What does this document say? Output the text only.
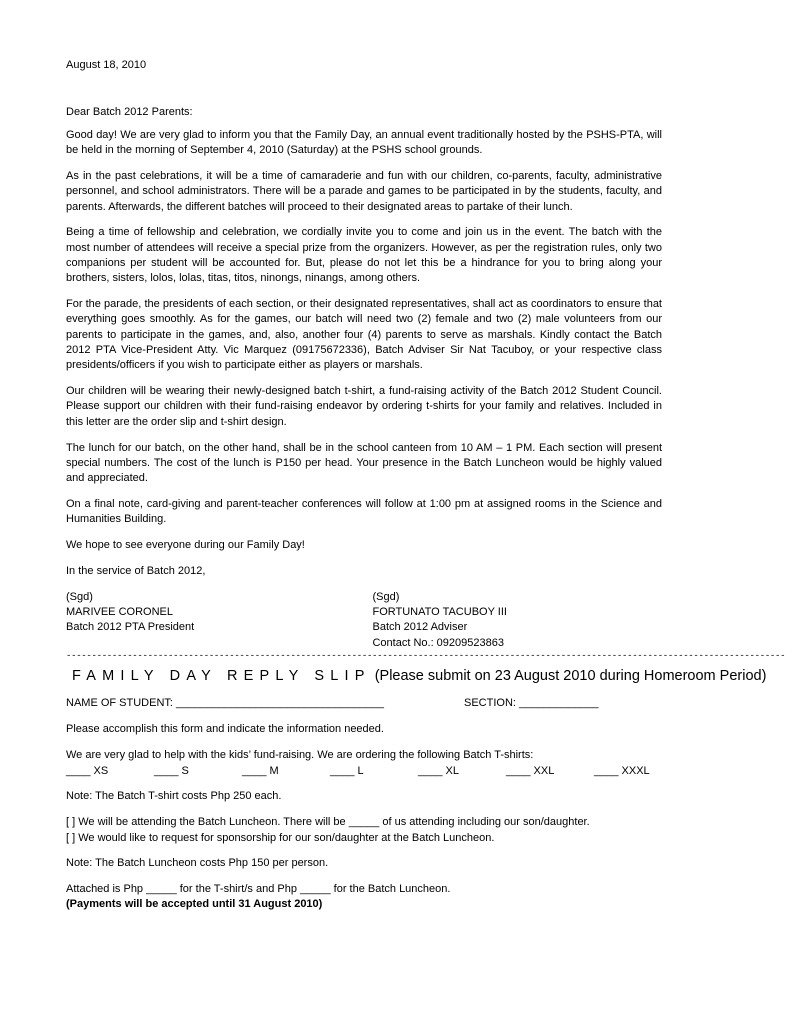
August 18, 2010
Dear Batch 2012 Parents:

Good day! We are very glad to inform you that the Family Day, an annual event traditionally hosted by the PSHS-PTA, will be held in the morning of September 4, 2010 (Saturday) at the PSHS school grounds.

As in the past celebrations, it will be a time of camaraderie and fun with our children, co-parents, faculty, administrative personnel, and school administrators. There will be a parade and games to be participated in by the students, faculty, and parents. Afterwards, the different batches will proceed to their designated areas to partake of their lunch.

Being a time of fellowship and celebration, we cordially invite you to come and join us in the event. The batch with the most number of attendees will receive a special prize from the organizers. However, as per the registration rules, only two companions per student will be accounted for. But, please do not let this be a hindrance for you to bring along your brothers, sisters, lolos, lolas, titas, titos, ninongs, ninangs, among others.

For the parade, the presidents of each section, or their designated representatives, shall act as coordinators to ensure that everything goes smoothly. As for the games, our batch will need two (2) female and two (2) male volunteers from our parents to participate in the games, and, also, another four (4) parents to serve as marshals. Kindly contact the Batch 2012 PTA Vice-President Atty. Vic Marquez (09175672336), Batch Adviser Sir Nat Tacuboy, or your respective class presidents/officers if you wish to participate either as players or marshals.

Our children will be wearing their newly-designed batch t-shirt, a fund-raising activity of the Batch 2012 Student Council. Please support our children with their fund-raising endeavor by ordering t-shirts for your family and relatives. Included in this letter are the order slip and t-shirt design.

The lunch for our batch, on the other hand, shall be in the school canteen from 10 AM – 1 PM. Each section will present special numbers. The cost of the lunch is P150 per head. Your presence in the Batch Luncheon would be highly valued and appreciated.

On a final note, card-giving and parent-teacher conferences will follow at 1:00 pm at assigned rooms in the Science and Humanities Building.

We hope to see everyone during our Family Day!

In the service of Batch 2012,

(Sgd)
MARIVEE CORONEL
Batch 2012 PTA President
(Sgd)
FORTUNATO TACUBOY III
Batch 2012 Adviser
Contact No.: 09209523863
---------------------------------------------------------------------------------------------------------------------------------------------
FAMILY DAY REPLY SLIP (Please submit on 23 August 2010 during Homeroom Period)
NAME OF STUDENT: __________________________________	SECTION: _____________
Please accomplish this form and indicate the information needed.
We are very glad to help with the kids’ fund-raising. We are ordering the following Batch T-shirts:
____ XS	____ S	____ M	____ L	____ XL	____ XXL	____ XXXL
Note: The Batch T-shirt costs Php 250 each.
[ ] We will be attending the Batch Luncheon. There will be _____ of us attending including our son/daughter.
[ ] We would like to request for sponsorship for our son/daughter at the Batch Luncheon.
Note: The Batch Luncheon costs Php 150 per person.
Attached is Php _____ for the T-shirt/s and Php _____ for the Batch Luncheon.
(Payments will be accepted until 31 August 2010)
